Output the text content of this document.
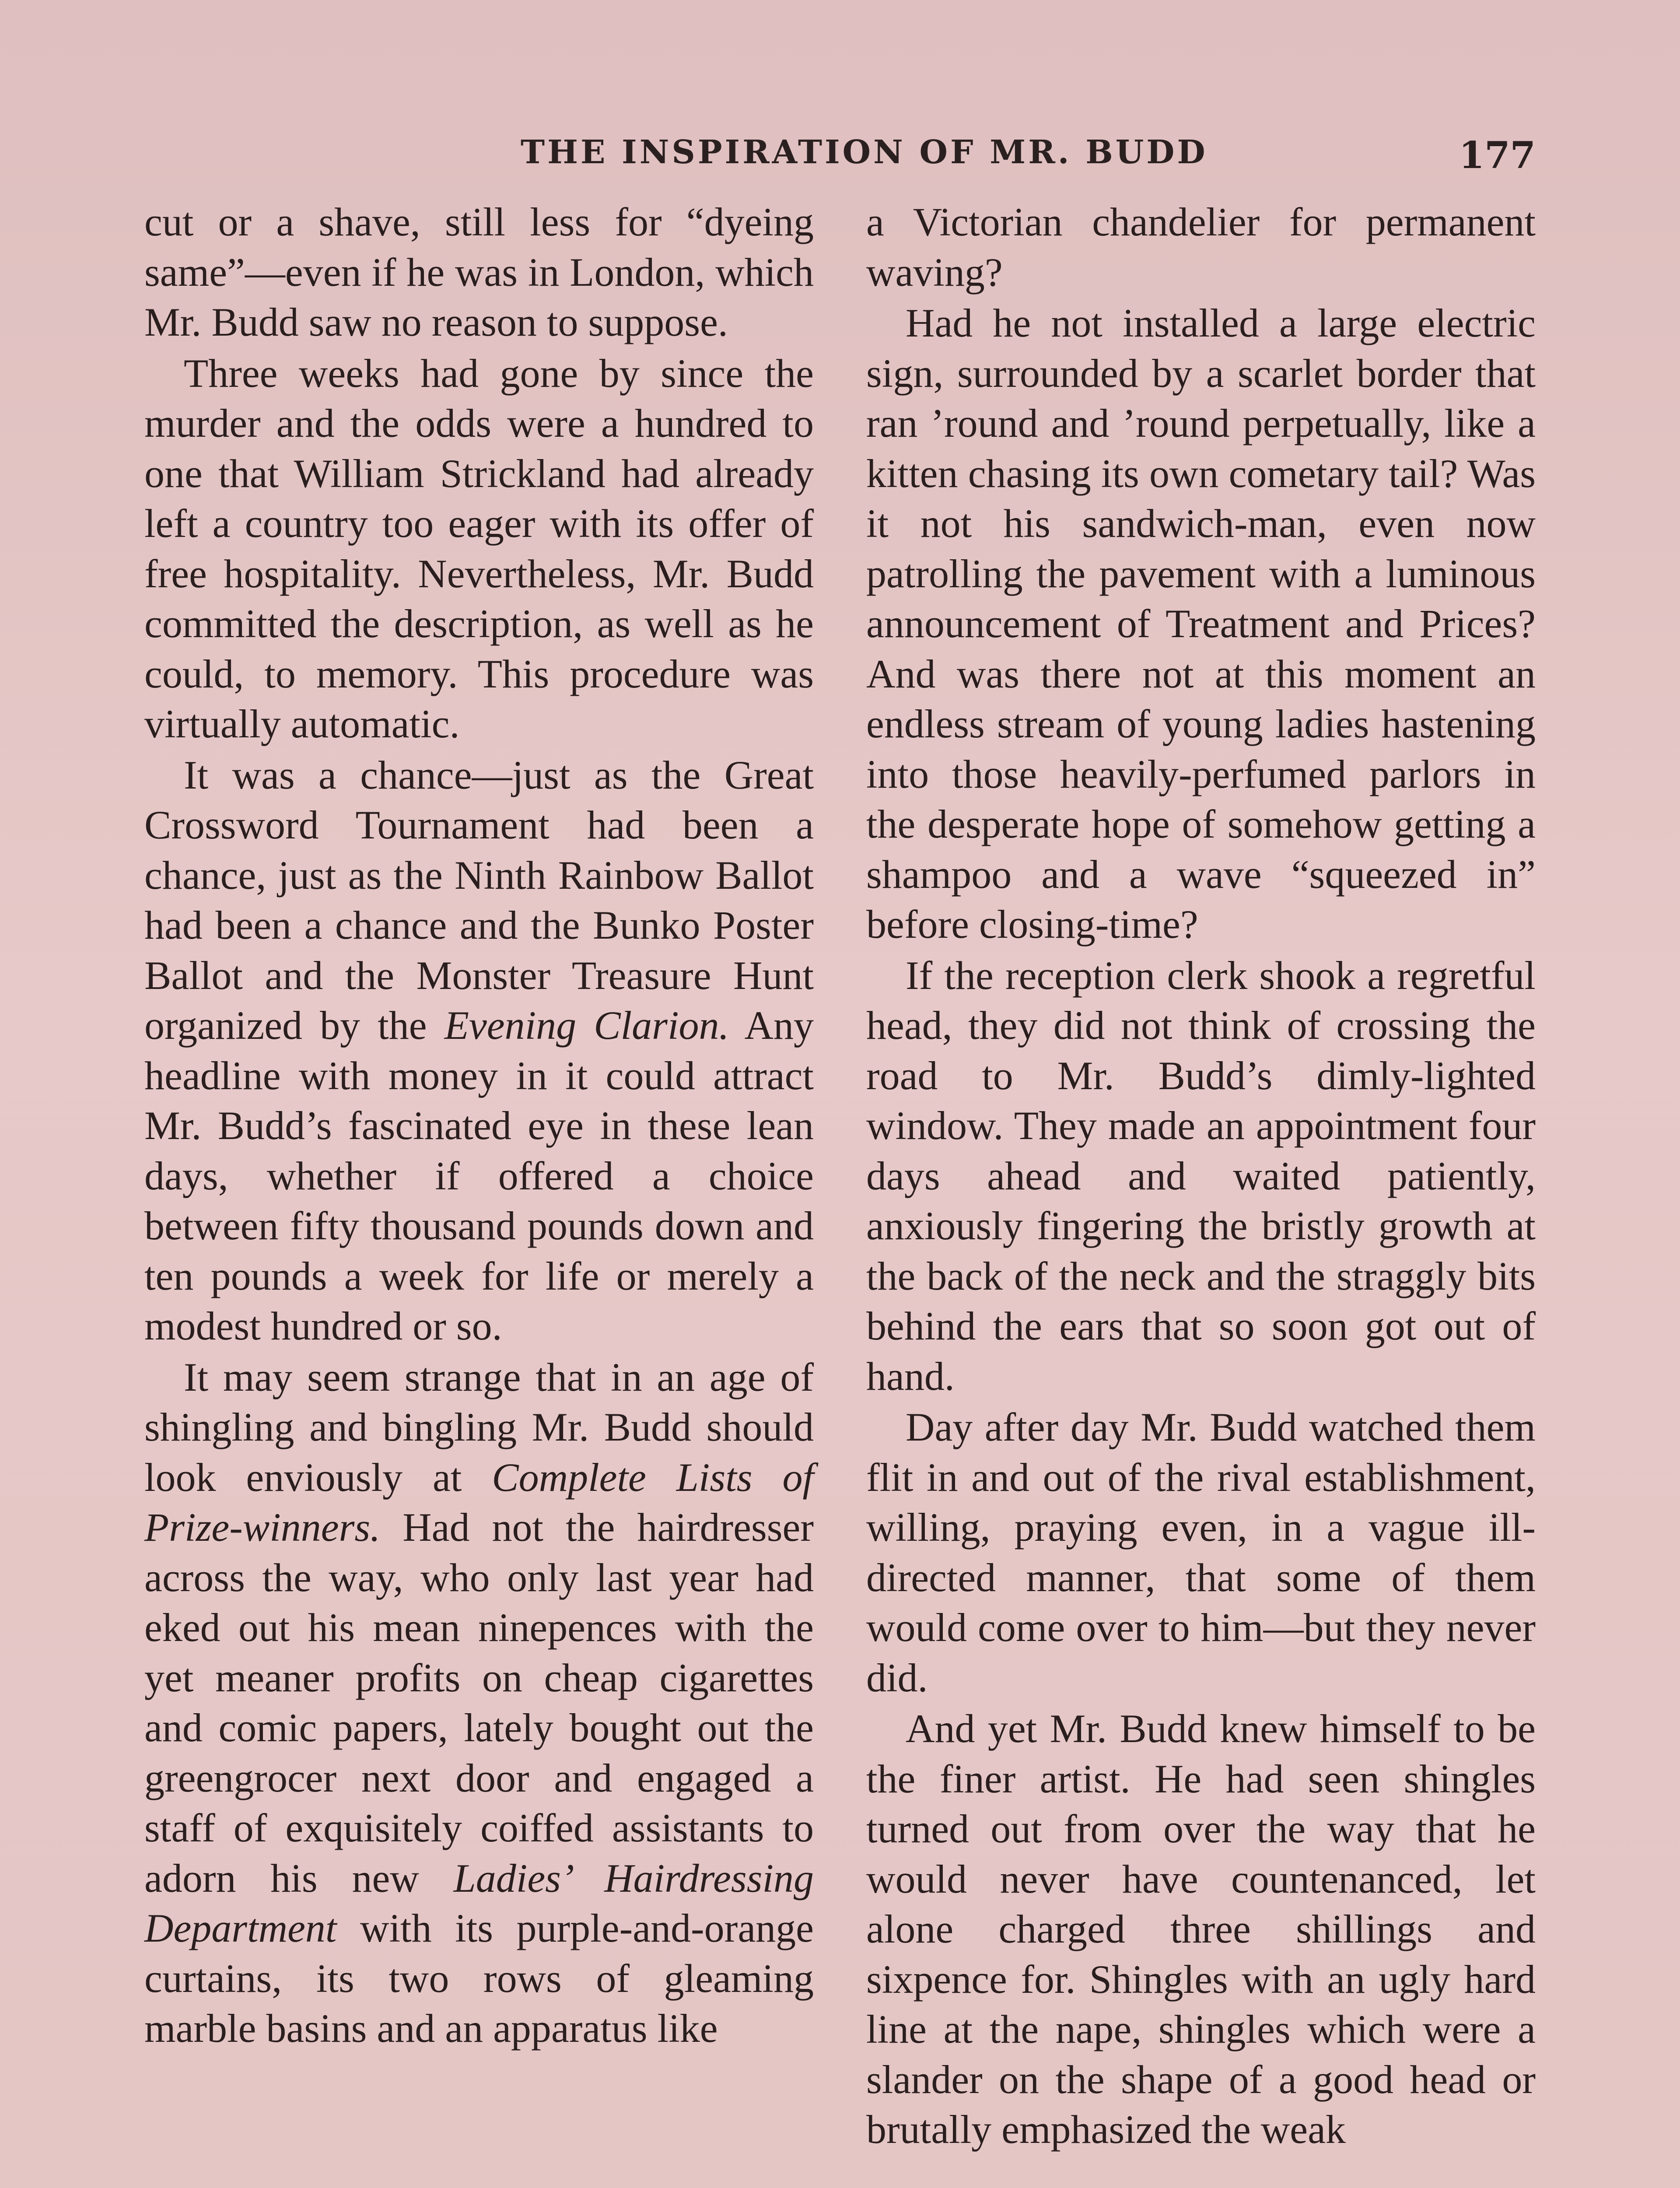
THE INSPIRATION OF MR. BUDD	177

cut or a shave, still less for “dyeing same”—even if he was in London, which Mr. Budd saw no reason to suppose.

Three weeks had gone by since the murder and the odds were a hundred to one that William Strickland had already left a country too eager with its offer of free hospitality. Nevertheless, Mr. Budd committed the description, as well as he could, to memory. This procedure was virtually automatic.

It was a chance—just as the Great Crossword Tournament had been a chance, just as the Ninth Rainbow Ballot had been a chance and the Bunko Poster Ballot and the Monster Treasure Hunt organized by the Evening Clarion. Any headline with money in it could attract Mr. Budd’s fascinated eye in these lean days, whether if offered a choice between fifty thousand pounds down and ten pounds a week for life or merely a modest hundred or so.

It may seem strange that in an age of shingling and bingling Mr. Budd should look enviously at Complete Lists of Prize-winners. Had not the hairdresser across the way, who only last year had eked out his mean ninepences with the yet meaner profits on cheap cigarettes and comic papers, lately bought out the greengrocer next door and engaged a staff of exquisitely coiffed assistants to adorn his new Ladies’ Hairdressing Department with its purple-and-orange curtains, its two rows of gleaming marble basins and an apparatus like

a Victorian chandelier for permanent waving?

Had he not installed a large electric sign, surrounded by a scarlet border that ran ’round and ’round perpetually, like a kitten chasing its own cometary tail? Was it not his sandwich-man, even now patrolling the pavement with a luminous announcement of Treatment and Prices? And was there not at this moment an endless stream of young ladies hastening into those heavily-perfumed parlors in the desperate hope of somehow getting a shampoo and a wave “squeezed in” before closing-time?

If the reception clerk shook a regretful head, they did not think of crossing the road to Mr. Budd’s dimly-lighted window. They made an appointment four days ahead and waited patiently, anxiously fingering the bristly growth at the back of the neck and the straggly bits behind the ears that so soon got out of hand.

Day after day Mr. Budd watched them flit in and out of the rival establishment, willing, praying even, in a vague ill-directed manner, that some of them would come over to him—but they never did.

And yet Mr. Budd knew himself to be the finer artist. He had seen shingles turned out from over the way that he would never have countenanced, let alone charged three shillings and sixpence for. Shingles with an ugly hard line at the nape, shingles which were a slander on the shape of a good head or brutally emphasized the weak
